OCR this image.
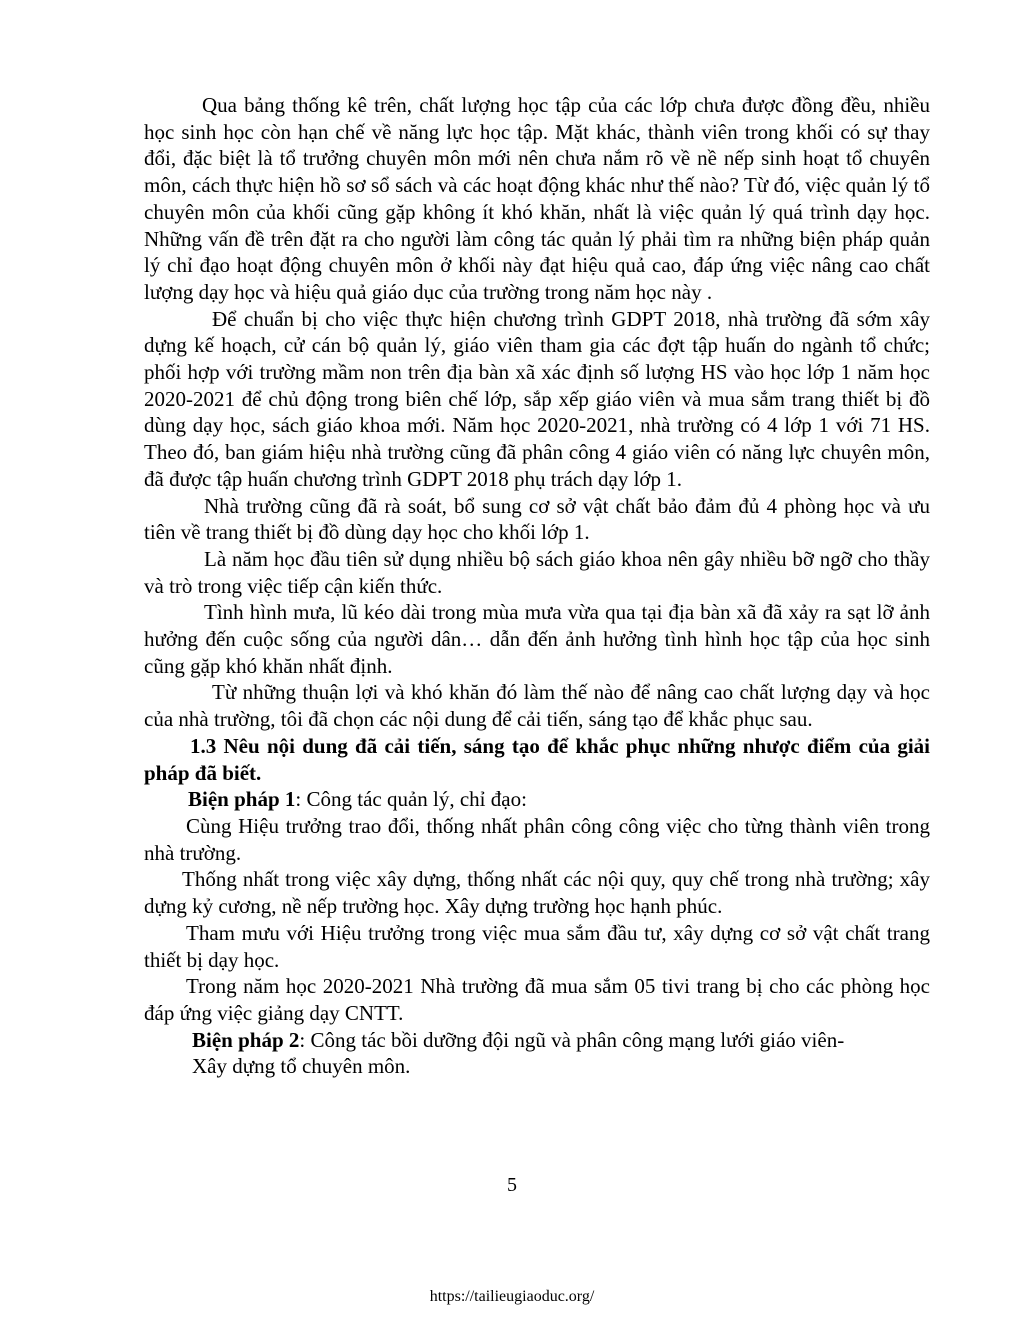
Qua bảng thống kê trên, chất lượng học tập của các lớp chưa được đồng đều, nhiều học sinh học còn hạn chế về năng lực học tập. Mặt khác, thành viên trong khối có sự thay đổi, đặc biệt là tổ trưởng chuyên môn mới nên chưa nắm rõ về nề nếp sinh hoạt tổ chuyên môn, cách thực hiện hồ sơ sổ sách và các hoạt động khác như thế nào? Từ đó, việc quản lý tổ chuyên môn của khối cũng gặp không ít khó khăn, nhất là việc quản lý quá trình dạy học. Những vấn đề trên đặt ra cho người làm công tác quản lý phải tìm ra những biện pháp quản lý chỉ đạo hoạt động chuyên môn ở khối này đạt hiệu quả cao, đáp ứng việc nâng cao chất lượng dạy học và hiệu quả giáo dục của trường trong năm học này .

Để chuẩn bị cho việc thực hiện chương trình GDPT 2018, nhà trường đã sớm xây dựng kế hoạch, cử cán bộ quản lý, giáo viên tham gia các đợt tập huấn do ngành tổ chức; phối hợp với trường mầm non trên địa bàn xã xác định số lượng HS vào học lớp 1 năm học 2020-2021 để chủ động trong biên chế lớp, sắp xếp giáo viên và mua sắm trang thiết bị đồ dùng dạy học, sách giáo khoa mới. Năm học 2020-2021, nhà trường có 4 lớp 1 với 71 HS. Theo đó, ban giám hiệu nhà trường cũng đã phân công 4 giáo viên có năng lực chuyên môn, đã được tập huấn chương trình GDPT 2018 phụ trách dạy lớp 1.

Nhà trường cũng đã rà soát, bổ sung cơ sở vật chất bảo đảm đủ 4 phòng học và ưu tiên về trang thiết bị đồ dùng dạy học cho khối lớp 1.

Là năm học đầu tiên sử dụng nhiều bộ sách giáo khoa nên gây nhiều bỡ ngỡ cho thầy và trò trong việc tiếp cận kiến thức.

Tình hình mưa, lũ kéo dài trong mùa mưa vừa qua tại địa bàn xã đã xảy ra sạt lỡ ảnh hưởng đến cuộc sống của người dân… dẫn đến ảnh hưởng tình hình học tập của học sinh cũng gặp khó khăn nhất định.

Từ những thuận lợi và khó khăn đó làm thế nào để nâng cao chất lượng dạy và học của nhà trường, tôi đã chọn các nội dung để cải tiến, sáng tạo để khắc phục sau.

1.3 Nêu nội dung đã cải tiến, sáng tạo để khắc phục những nhược điểm của giải pháp đã biết.

Biện pháp 1: Công tác quản lý, chỉ đạo:

Cùng Hiệu trưởng trao đổi, thống nhất phân công công việc cho từng thành viên trong nhà trường.

Thống nhất trong việc xây dựng, thống nhất các nội quy, quy chế trong nhà trường; xây dựng kỷ cương, nề nếp trường học. Xây dựng trường học hạnh phúc.

Tham mưu với Hiệu trưởng trong việc mua sắm đầu tư, xây dựng cơ sở vật chất trang thiết bị dạy học.

Trong năm học 2020-2021 Nhà trường đã mua sắm 05 tivi trang bị cho các phòng học đáp ứng việc giảng dạy CNTT.

Biện pháp 2: Công tác bồi dưỡng đội ngũ và phân công mạng lưới giáo viên-

Xây dựng tổ chuyên môn.

5
https://tailieugiaoduc.org/
